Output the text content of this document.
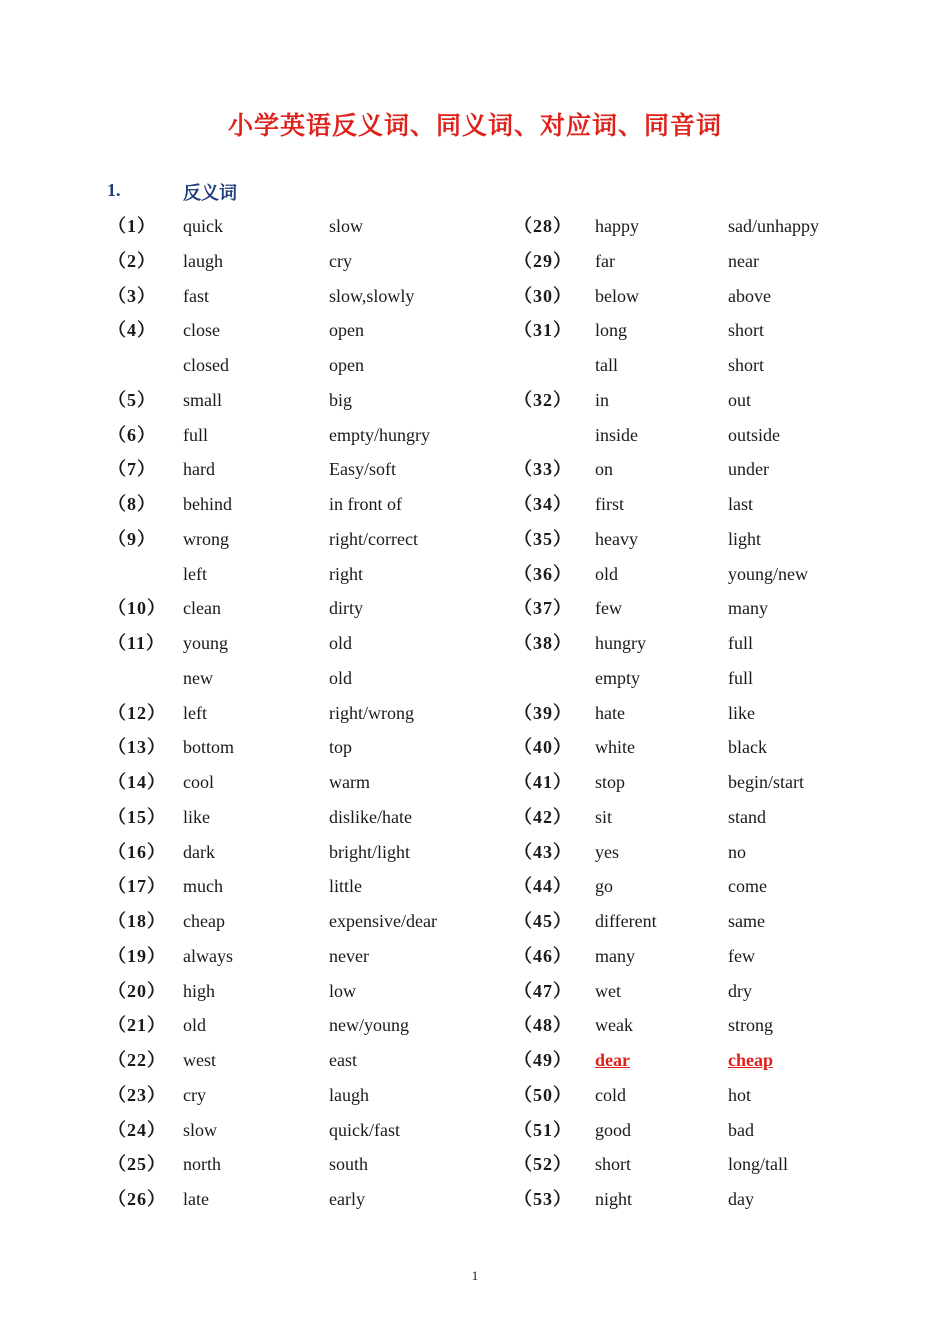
小学英语反义词、同义词、对应词、同音词
1.	反义词
（1） quick	slow
（2） laugh	cry
（3） fast	slow,slowly
（4） close	open
closed	open
（5） small	big
（6） full	empty/hungry
（7） hard	Easy/soft
（8） behind	in front of
（9） wrong	right/correct
left	right
（10） clean	dirty
（11） young	old
new	old
（12） left	right/wrong
（13） bottom	top
（14） cool	warm
（15） like	dislike/hate
（16） dark	bright/light
（17） much	little
（18） cheap	expensive/dear
（19） always	never
（20） high	low
（21） old	new/young
（22） west	east
（23） cry	laugh
（24） slow	quick/fast
（25） north	south
（26） late	early
（28） happy	sad/unhappy
（29） far	near
（30） below	above
（31） long	short
tall	short
（32） in	out
inside	outside
（33） on	under
（34） first	last
（35） heavy	light
（36） old	young/new
（37） few	many
（38） hungry	full
empty	full
（39） hate	like
（40） white	black
（41） stop	begin/start
（42） sit	stand
（43） yes	no
（44） go	come
（45） different	same
（46） many	few
（47） wet	dry
（48） weak	strong
（49） dear	cheap
（50） cold	hot
（51） good	bad
（52） short	long/tall
（53） night	day
1
